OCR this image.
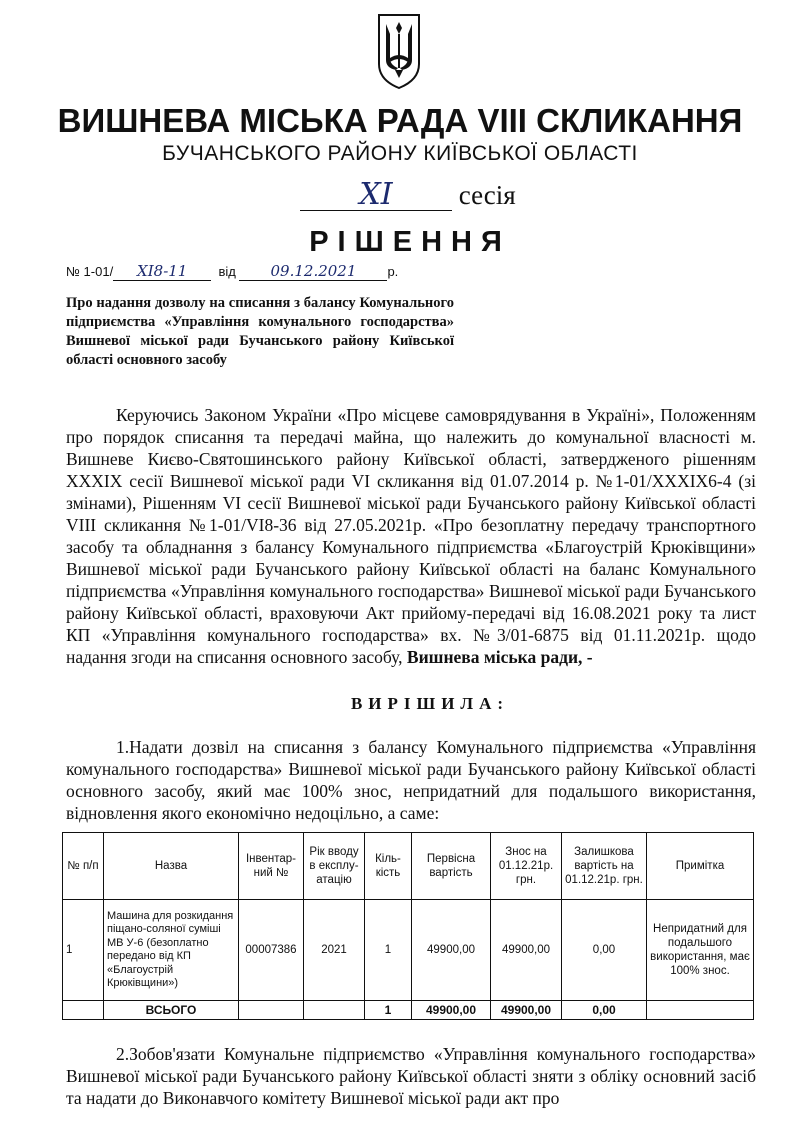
ВИШНЕВА МІСЬКА РАДА VIII СКЛИКАННЯ
БУЧАНСЬКОГО РАЙОНУ КИЇВСЬКОЇ ОБЛАСТІ
XI сесія
РІШЕННЯ
№ 1-01/ XI8-11 від 09.12.2021 р.
Про надання дозволу на списання з балансу Комунального підприємства «Управління комунального господарства» Вишневої міської ради Бучанського району Київської області основного засобу
Керуючись Законом України «Про місцеве самоврядування в Україні», Положенням про порядок списання та передачі майна, що належить до комунальної власності м. Вишневе Києво-Святошинського району Київської області, затвердженого рішенням XXXIX сесії Вишневої міської ради VI скликання від 01.07.2014 р. №1-01/XXXIX6-4 (зі змінами), Рішенням VI сесії Вишневої міської ради Бучанського району Київської області VIII скликання №1-01/VI8-36 від 27.05.2021р. «Про безоплатну передачу транспортного засобу та обладнання з балансу Комунального підприємства «Благоустрій Крюківщини» Вишневої міської ради Бучанського району Київської області на баланс Комунального підприємства «Управління комунального господарства» Вишневої міської ради Бучанського району Київської області, враховуючи Акт прийому-передачі від 16.08.2021 року та лист КП «Управління комунального господарства» вх. №3/01-6875 від 01.11.2021р. щодо надання згоди на списання основного засобу, Вишнева міська ради, -
ВИРІШИЛА:
1.Надати дозвіл на списання з балансу Комунального підприємства «Управління комунального господарства» Вишневої міської ради Бучанського району Київської області основного засобу, який має 100% знос, непридатний для подальшого використання, відновлення якого економічно недоцільно, а саме:
№ п/п	Назва	Інвентар-ний №	Рік вводу в експлу-атацію	Кіль-кість	Первісна вартість	Знос на 01.12.21р. грн.	Залишкова вартість на 01.12.21р. грн.	Примітка
1	Машина для розкидання піщано-соляної суміші МВ У-6 (безоплатно передано від КП «Благоустрій Крюківщини»)	00007386	2021	1	49900,00	49900,00	0,00	Непридатний для подальшого використання, має 100% знос.
	ВСЬОГО			1	49900,00	49900,00	0,00	
2.Зобов'язати Комунальне підприємство «Управління комунального господарства» Вишневої міської ради Бучанського району Київської області зняти з обліку основний засіб та надати до Виконавчого комітету Вишневої міської ради акт про
